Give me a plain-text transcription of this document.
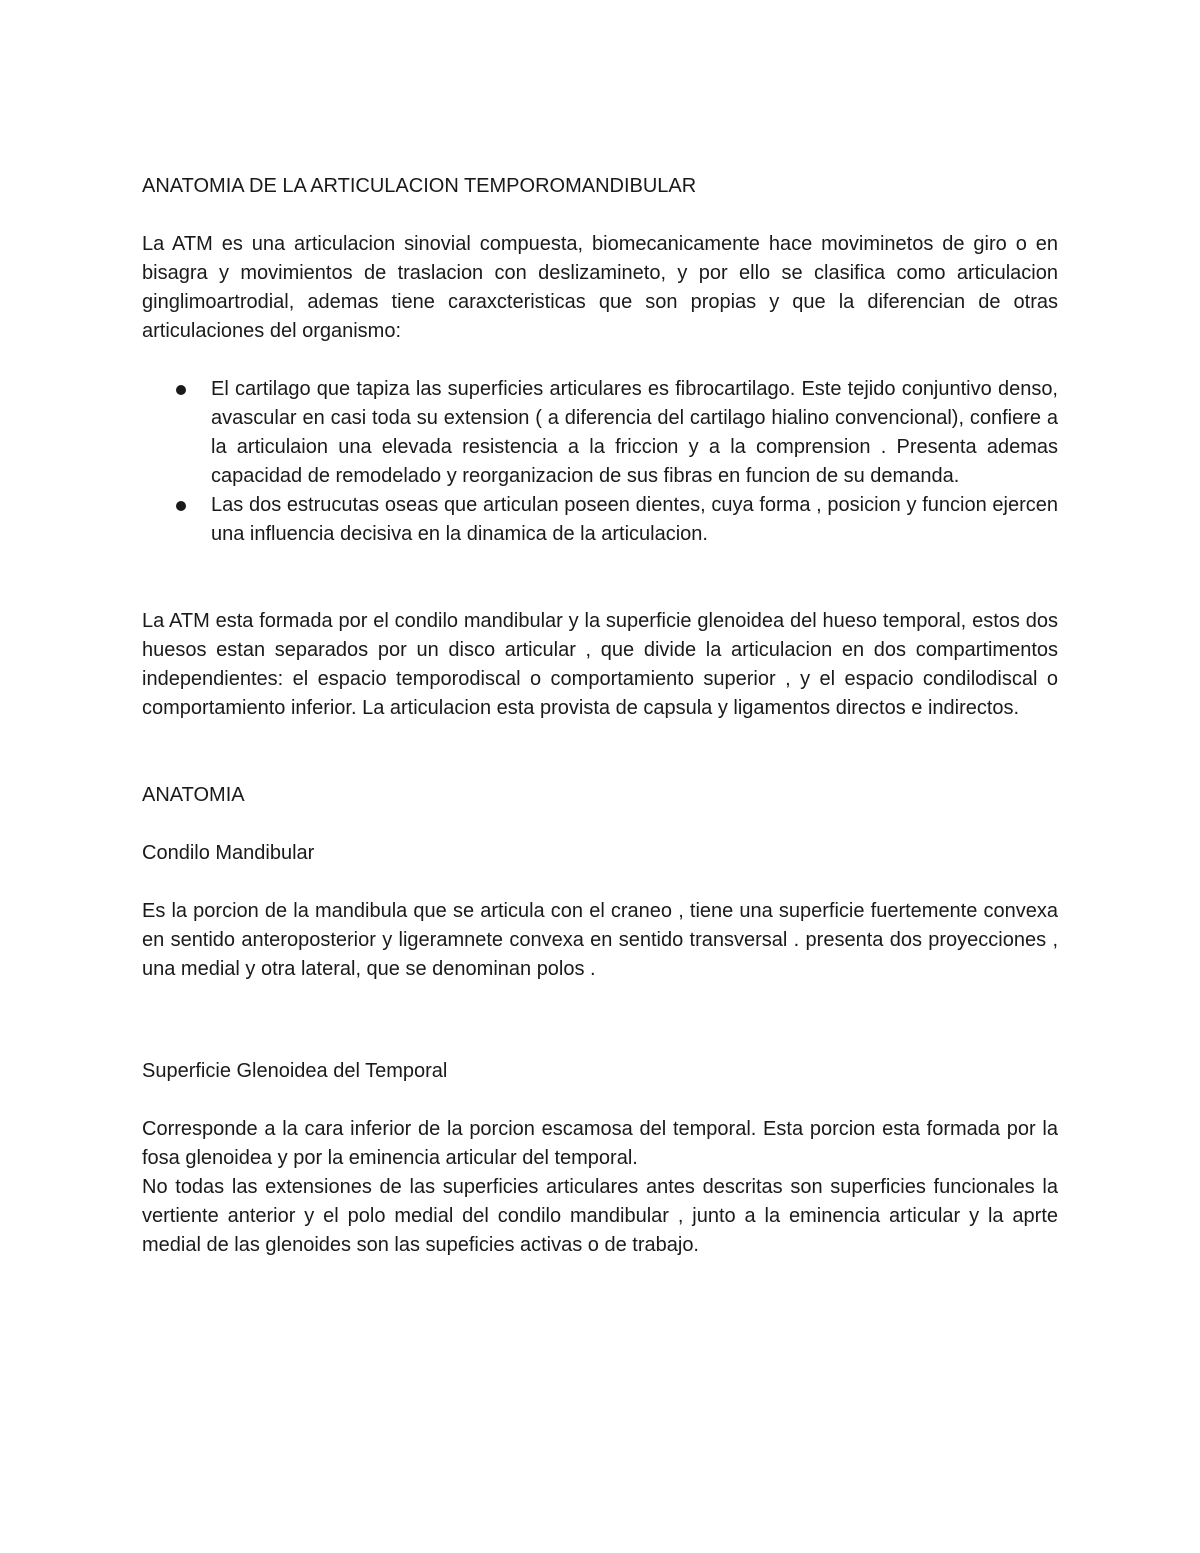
ANATOMIA DE LA ARTICULACION TEMPOROMANDIBULAR

La ATM es una articulacion sinovial compuesta, biomecanicamente hace moviminetos de giro o en bisagra y movimientos de traslacion con deslizamineto, y por ello se clasifica como articulacion ginglimoartrodial, ademas tiene caraxcteristicas que son propias y que la diferencian de otras articulaciones del organismo:

El cartilago que tapiza las superficies articulares es fibrocartilago. Este tejido conjuntivo denso, avascular en casi toda su extension ( a diferencia del cartilago hialino convencional), confiere a la articulaion una elevada resistencia a la friccion y a la comprension . Presenta ademas capacidad de remodelado y reorganizacion de sus fibras en funcion de su demanda.
Las dos estrucutas oseas que articulan poseen dientes, cuya forma , posicion y funcion ejercen una influencia decisiva en la dinamica de la articulacion.

La ATM esta formada por el condilo mandibular y la superficie glenoidea del hueso temporal, estos dos huesos estan separados por un disco articular , que divide la articulacion en dos compartimentos independientes: el espacio temporodiscal o comportamiento superior , y el espacio condilodiscal o comportamiento inferior. La articulacion esta provista de capsula y ligamentos directos e indirectos.

ANATOMIA

Condilo Mandibular

Es la porcion de la mandibula que se articula con el craneo , tiene una superficie fuertemente convexa en sentido anteroposterior y ligeramnete convexa en sentido transversal . presenta dos proyecciones , una medial y otra lateral, que se denominan polos .

Superficie Glenoidea del Temporal

Corresponde a la cara inferior de la porcion escamosa del temporal. Esta porcion esta formada por la fosa glenoidea y por la eminencia articular del temporal.

No todas las extensiones de las superficies articulares antes descritas son superficies funcionales la vertiente anterior y el polo medial del condilo mandibular , junto a la eminencia articular y la aprte medial de las glenoides son las supeficies activas o de trabajo.
